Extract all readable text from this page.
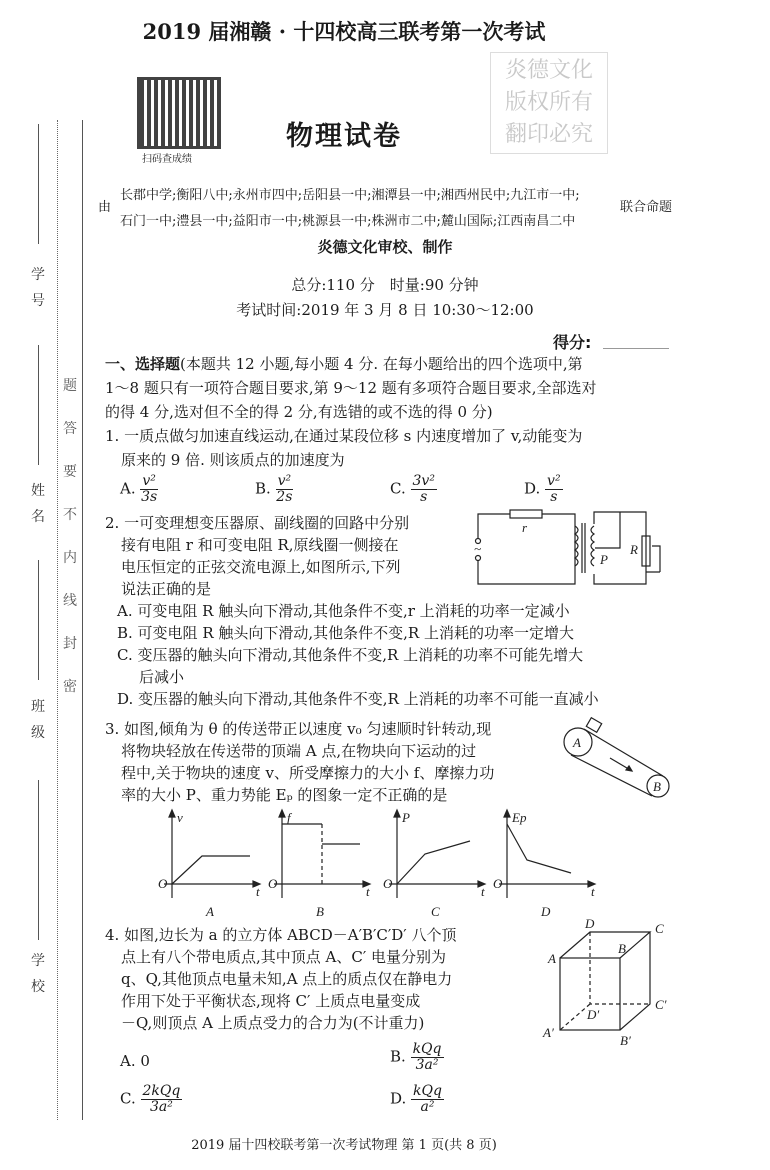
学　号
姓　名
班　级
学　校
题
答
要
不
内
线
封
密
2019 届湘赣 · 十四校高三联考第一次考试
扫码查成绩
物理试卷
炎德文化
版权所有
翻印必究
由
长郡中学;衡阳八中;永州市四中;岳阳县一中;湘潭县一中;湘西州民中;九江市一中;
石门一中;澧县一中;益阳市一中;桃源县一中;株洲市二中;麓山国际;江西南昌二中
联合命题
炎德文化审校、制作
总分:110 分　时量:90 分钟
考试时间:2019 年 3 月 8 日 10:30～12:00
得分:
一、选择题(本题共 12 小题,每小题 4 分. 在每小题给出的四个选项中,第
1～8 题只有一项符合题目要求,第 9～12 题有多项符合题目要求,全部选对
的得 4 分,选对但不全的得 2 分,有选错的或不选的得 0 分)
1. 一质点做匀加速直线运动,在通过某段位移 s 内速度增加了 v,动能变为
原来的 9 倍. 则该质点的加速度为
A. $\frac{\text{v²}}{3s}$	B. $\frac{\text{v²}}{2s}$	C. $\frac{\text{3v²}}{s}$	D. $\frac{\text{v²}}{s}$
2. 一可变理想变压器原、副线圈的回路中分别
接有电阻 r 和可变电阻 R,原线圈一侧接在
电压恒定的正弦交流电源上,如图所示,下列
说法正确的是
A. 可变电阻 R 触头向下滑动,其他条件不变,r 上消耗的功率一定减小
B. 可变电阻 R 触头向下滑动,其他条件不变,R 上消耗的功率一定增大
C. 变压器的触头向下滑动,其他条件不变,R 上消耗的功率不可能先增大
后减小
D. 变压器的触头向下滑动,其他条件不变,R 上消耗的功率不可能一直减小
r
R
P
~
3. 如图,倾角为 θ 的传送带正以速度 v₀ 匀速顺时针转动,现
将物块轻放在传送带的顶端 A 点,在物块向下运动的过
程中,关于物块的速度 v、所受摩擦力的大小 f、摩擦力功
率的大小 P、重力势能 Eₚ 的图象一定不正确的是
A
B
v
O
t
A
f
O
t
B
P
O
t
C
Ep
O
t
D
4. 如图,边长为 a 的立方体 ABCD－A′B′C′D′ 八个顶
点上有八个带电质点,其中顶点 A、C′ 电量分别为
q、Q,其他顶点电量未知,A 点上的质点仅在静电力
作用下处于平衡状态,现将 C′ 上质点电量变成
－Q,则顶点 A 上质点受力的合力为(不计重力)
A. 0	B. $\frac{\text{kQq}}{\text{3a²}}$
C. $\frac{\text{2kQq}}{\text{3a²}}$	D. $\frac{\text{kQq}}{\text{a²}}$
A
B
C
D
A′
B′
C′
D′
2019 届十四校联考第一次考试物理 第 1 页(共 8 页)
